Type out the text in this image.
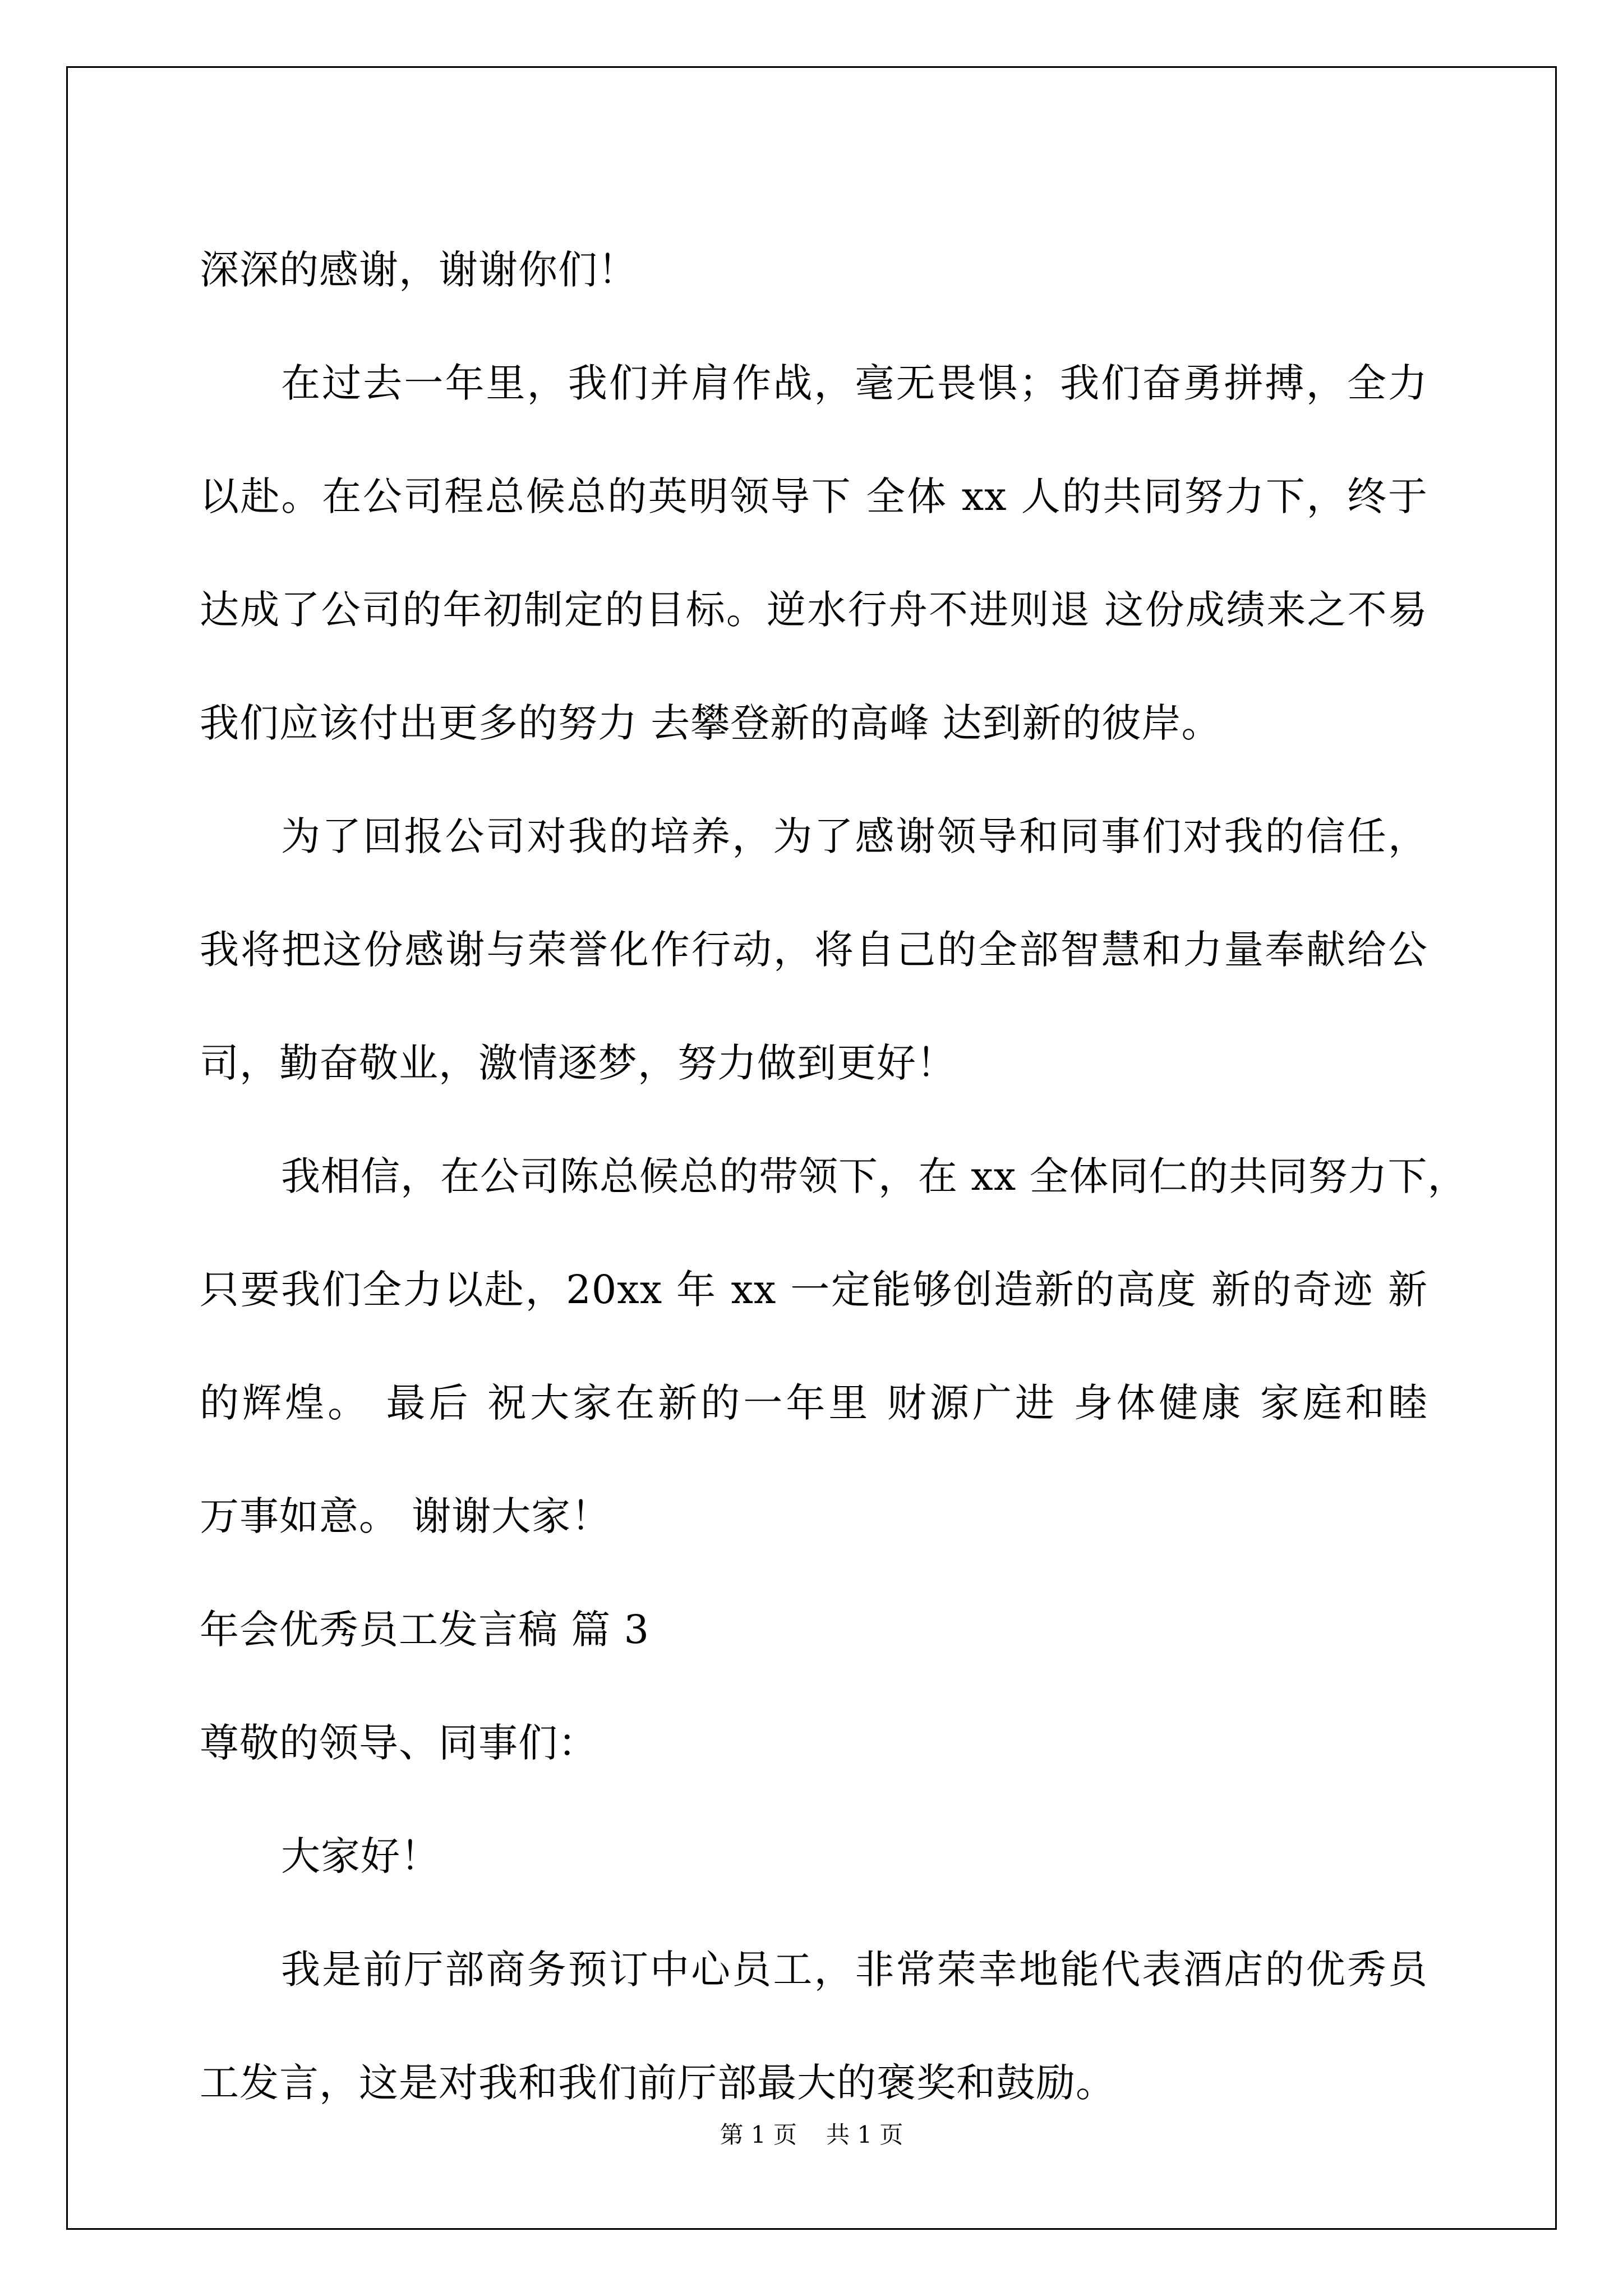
深深的感谢，谢谢你们！
在过去一年里，我们并肩作战，毫无畏惧；我们奋勇拼搏，全力
以赴。在公司程总候总的英明领导下 全体 xx 人的共同努力下，终于
达成了公司的年初制定的目标。逆水行舟不进则退 这份成绩来之不易
我们应该付出更多的努力 去攀登新的高峰 达到新的彼岸。
为了回报公司对我的培养，为了感谢领导和同事们对我的信任，
我将把这份感谢与荣誉化作行动，将自己的全部智慧和力量奉献给公
司，勤奋敬业，激情逐梦，努力做到更好！
我相信，在公司陈总候总的带领下，在 xx 全体同仁的共同努力下，
只要我们全力以赴，20xx 年 xx 一定能够创造新的高度 新的奇迹 新
的辉煌。 最后 祝大家在新的一年里 财源广进 身体健康 家庭和睦
万事如意。 谢谢大家！
年会优秀员工发言稿 篇 3
尊敬的领导、同事们：
大家好！
我是前厅部商务预订中心员工，非常荣幸地能代表酒店的优秀员
工发言，这是对我和我们前厅部最大的褒奖和鼓励。
第 1 页 共 1 页
